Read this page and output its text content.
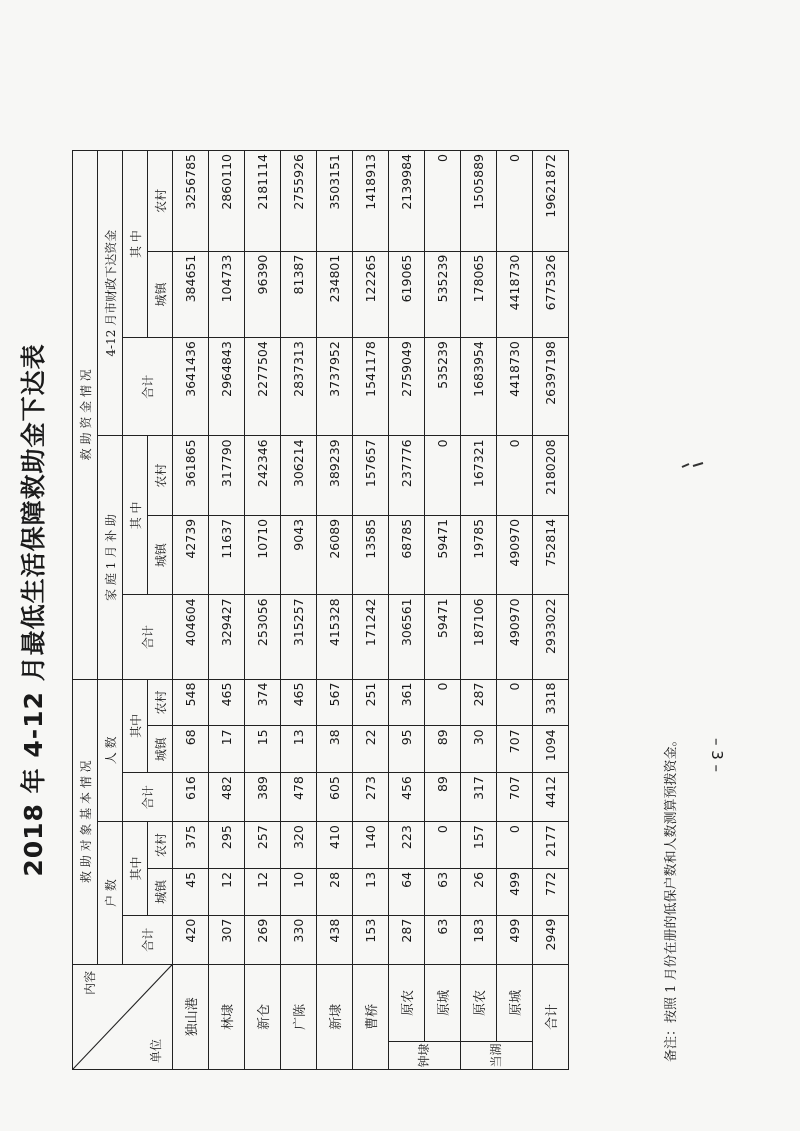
2018 年 4-12 月最低生活保障救助金下达表
内容
单位		救 助 对 象 基 本 情 况						救 助 资 金 情 况					
		户 数			人 数			家 庭 1 月 补 助			4-12 月市财政下达资金		
		合计	其中		合计	其中		合计	其 中		合计	其 中	
			城镇	农村		城镇	农村		城镇	农村		城镇	农村
独山港		420	45	375	616	68	548	404604	42739	361865	3641436	384651	3256785
林埭		307	12	295	482	17	465	329427	11637	317790	2964843	104733	2860110
新仓		269	12	257	389	15	374	253056	10710	242346	2277504	96390	2181114
广陈		330	10	320	478	13	465	315257	9043	306214	2837313	81387	2755926
新埭		438	28	410	605	38	567	415328	26089	389239	3737952	234801	3503151
曹桥		153	13	140	273	22	251	171242	13585	157657	1541178	122265	1418913
钟埭	原农	287	64	223	456	95	361	306561	68785	237776	2759049	619065	2139984
	原城	63	63	0	89	89	0	59471	59471	0	535239	535239	0
当湖	原农	183	26	157	317	30	287	187106	19785	167321	1683954	178065	1505889
	原城	499	499	0	707	707	0	490970	490970	0	4418730	4418730	0
合计		2949	772	2177	4412	1094	3318	2933022	752814	2180208	26397198	6775326	19621872
备注：按照 1 月份在册的低保户数和人数测算预拨资金。 – 3 –
